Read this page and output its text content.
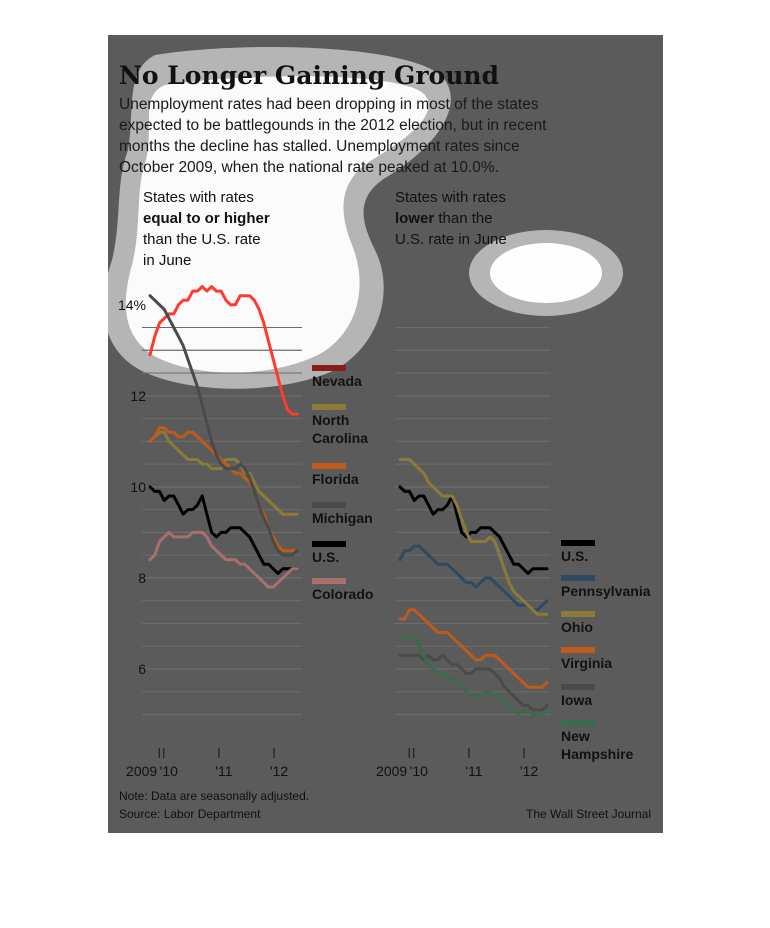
No Longer Gaining Ground
Unemployment rates had been dropping in most of the states
expected to be battlegounds in the 2012 election, but in recent
months the decline has stalled. Unemployment rates since
October 2009, when the national rate peaked at 10.0%.
States with rates
equal to or higher
than the U.S. rate
in June
States with rates
lower than the
U.S. rate in June
14%
12
10
8
6
2009 '10	'11	'12
Nevada
North
Carolina
Florida
Michigan
U.S.
Colorado
2009 '10	'11	'12
U.S.
Pennsylvania
Ohio
Virginia
Iowa
New
Hampshire
Note: Data are seasonally adjusted.
Source: Labor Department	The Wall Street Journal
